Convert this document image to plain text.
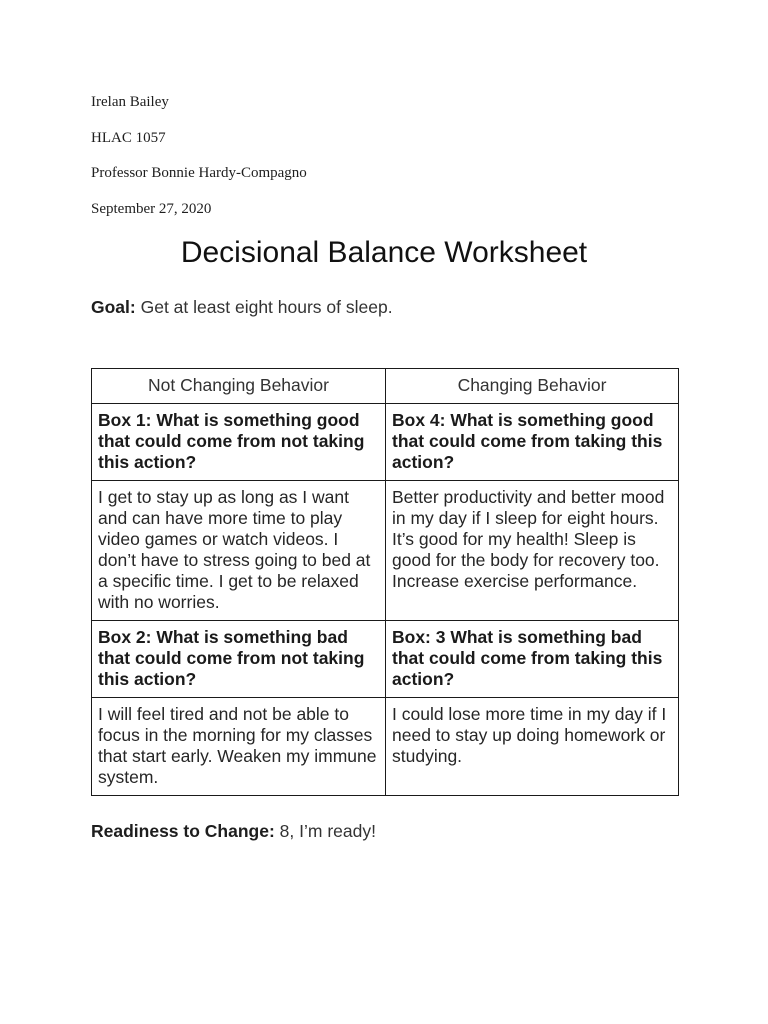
Irelan Bailey
HLAC 1057
Professor Bonnie Hardy-Compagno
September 27, 2020
Decisional Balance Worksheet

Goal: Get at least eight hours of sleep.

Not Changing Behavior	Changing Behavior
Box 1: What is something good that could come from not taking this action?	Box 4: What is something good that could come from taking this action?
I get to stay up as long as I want and can have more time to play video games or watch videos. I don’t have to stress going to bed at a specific time. I get to be relaxed with no worries.	Better productivity and better mood in my day if I sleep for eight hours. It’s good for my health! Sleep is good for the body for recovery too. Increase exercise performance.
Box 2: What is something bad that could come from not taking this action?	Box: 3 What is something bad that could come from taking this action?
I will feel tired and not be able to focus in the morning for my classes that start early. Weaken my immune system.	I could lose more time in my day if I need to stay up doing homework or studying.

Readiness to Change: 8, I’m ready!
